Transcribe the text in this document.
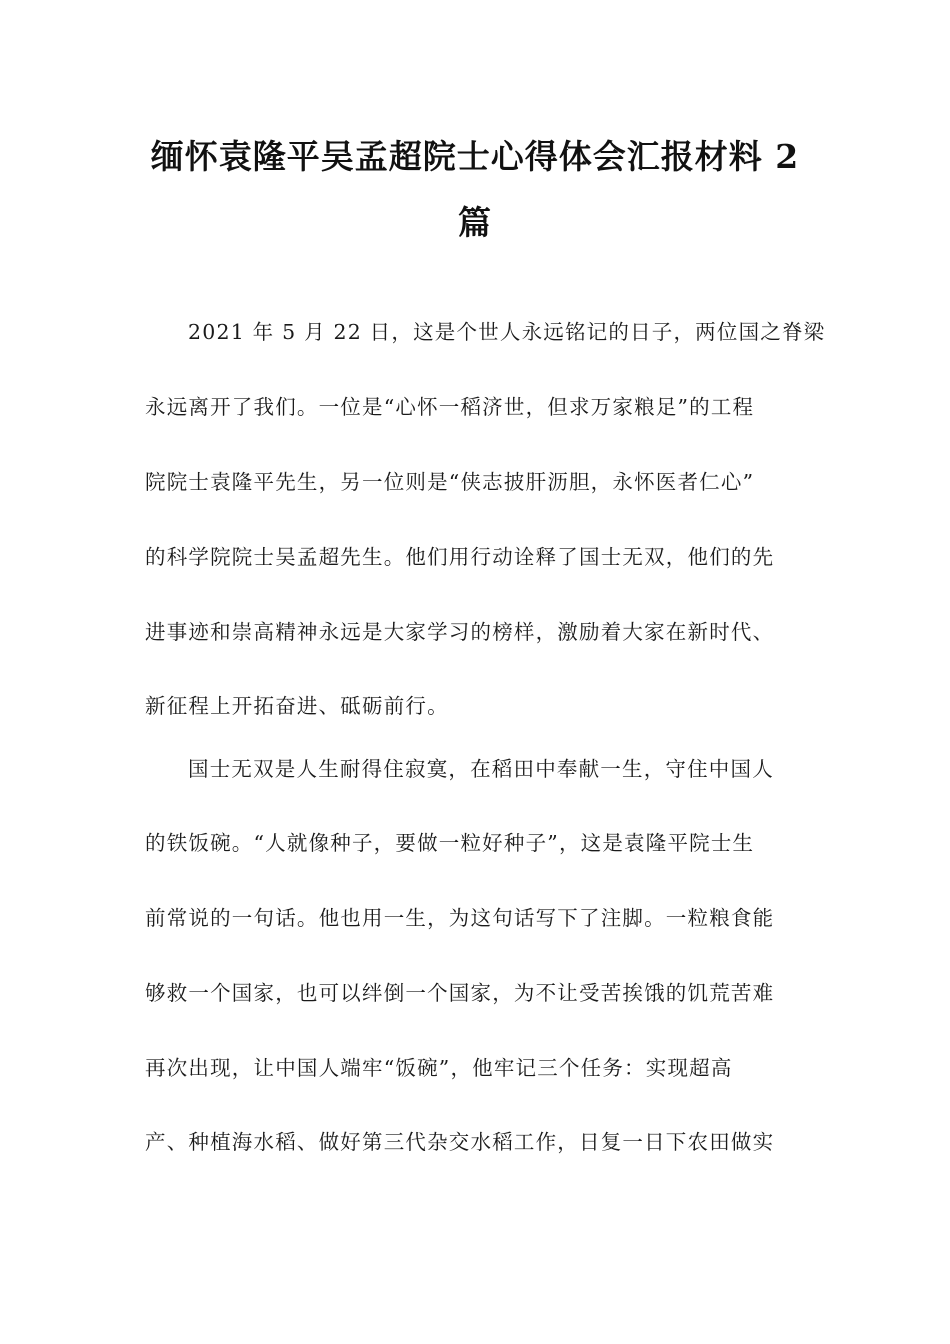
缅怀袁隆平吴孟超院士心得体会汇报材料 2
篇
2021 年 5 月 22 日，这是个世人永远铭记的日子，两位国之脊梁
永远离开了我们。一位是“心怀一稻济世，但求万家粮足”的工程
院院士袁隆平先生，另一位则是“侠志披肝沥胆，永怀医者仁心”
的科学院院士吴孟超先生。他们用行动诠释了国士无双，他们的先
进事迹和崇高精神永远是大家学习的榜样，激励着大家在新时代、
新征程上开拓奋进、砥砺前行。
国士无双是人生耐得住寂寞，在稻田中奉献一生，守住中国人
的铁饭碗。“人就像种子，要做一粒好种子”，这是袁隆平院士生
前常说的一句话。他也用一生，为这句话写下了注脚。一粒粮食能
够救一个国家，也可以绊倒一个国家，为不让受苦挨饿的饥荒苦难
再次出现，让中国人端牢“饭碗”，他牢记三个任务：实现超高
产、种植海水稻、做好第三代杂交水稻工作，日复一日下农田做实
